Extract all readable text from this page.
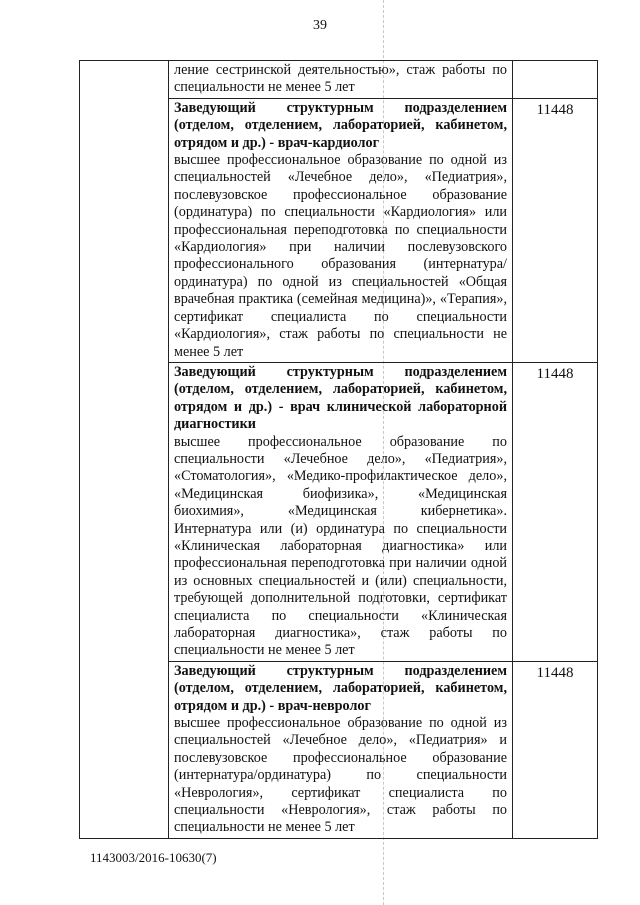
39

	ление сестринской деятельностью», стаж работы по специальности не менее 5 лет	

	Заведующий структурным подразделением (отделом, отделением, лабораторией, кабинетом, отрядом и др.) - врач-кардиолог
высшее профессиональное образование по одной из специальностей «Лечебное дело», «Педиатрия», послевузовское профессиональное образование (ординатура) по специальности «Кардиология» или профессиональная переподготовка по специальности «Кардиология» при наличии послевузовского профессионального образования (интернатура/ординатура) по одной из специальностей «Общая врачебная практика (семейная медицина)», «Терапия», сертификат специалиста по специальности «Кардиология», стаж работы по специальности не менее 5 лет	11448

	Заведующий структурным подразделением (отделом, отделением, лабораторией, кабинетом, отрядом и др.) - врач клинической лабораторной диагностики
высшее профессиональное образование по специальности «Лечебное дело», «Педиатрия», «Стоматология», «Медико-профилактическое дело», «Медицинская биофизика», «Медицинская биохимия», «Медицинская кибернетика». Интернатура или (и) ординатура по специальности «Клиническая лабораторная диагностика» или профессиональная переподготовка при наличии одной из основных специальностей и (или) специальности, требующей дополнительной подготовки, сертификат специалиста по специальности «Клиническая лабораторная диагностика», стаж работы по специальности не менее 5 лет	11448

	Заведующий структурным подразделением (отделом, отделением, лабораторией, кабинетом, отрядом и др.) - врач-невролог
высшее профессиональное образование по одной из специальностей «Лечебное дело», «Педиатрия» и послевузовское профессиональное образование (интернатура/ординатура) по специальности «Неврология», сертификат специалиста по специальности «Неврология», стаж работы по специальности не менее 5 лет	11448
1143003/2016-10630(7)
